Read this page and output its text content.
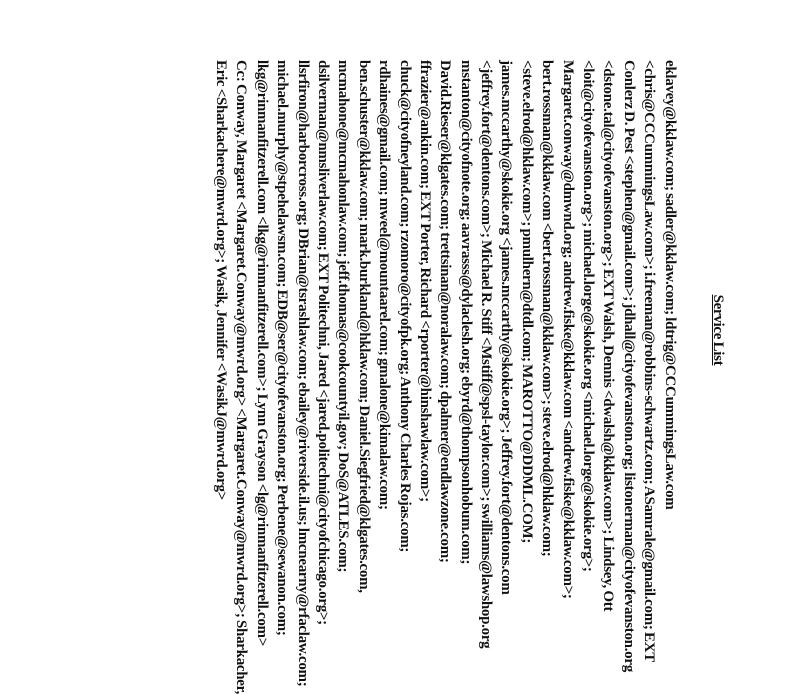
Service List
eklavey@kklaw.com; sadler@kklaw.com; ldtrig@CCCummingsLaw.com
<chris@CCCummingsLaw.com>; i.freeman@robbins-schwartz.com; ASamrale@gmail.com; EXT
Conlerz D. Pest <stephen@gmail.com>; jdhall@cityofevanston.org; listonerman@cityofevanston.org
<dstone.tal@cityofevanston.org>; EXT Walsh, Dennis <dwalsh@kklaw.com>; Lindsey, Ott
<loit@cityofevanston.org>; michael.lorge@skokie.org <michael.lorge@skokie.org>;
Margaret.conway@dmwnd.org; andrew.fiske@kklaw.com <andrew.fiske@kklaw.com>;
bert.rossman@kklaw.com <bert.rossman@kklaw.com>; steve.elrod@hklaw.com;
<steve.elrod@hklaw.com>; pmulhern@dtdl.com; MAROTTO@DDML.COM;
james.mccarthy@skokie.org <james.mccarthy@skokie.org>; Jeffrey.fort@dentons.com
<jeffrey.fort@dentons.com>; Michael R. Stiff <Mstiff@spsl-taylor.com>; swilliams@lawshop.org
mstanton@cityofnote.org; aavrasss@dylaclesh.org; ebyrd@thompsonhobum.com;
David.Rieser@klgates.com; trettsinan@noralaw.com; dpalmer@endlawzone.com;
ffrazier@ankin.com; EXT Porter, Richard <rporter@hinshawlaw.com>;
chuck@cityofneyland.com; rzomoro@cityofpk.org; Anthony Charles Rojas.com;
rdhaines@gmail.com; mweel@mountaarel.com; gmalone@kimalaw.com;
ben.schuster@kklaw.com; mark.burkland@hklaw.com; Daniel.Siegfried@klgates.com,
mcmahone@mcmahonlaw.com; jeff.thomas@cookcountyil.gov; DoS@ATLES.com;
dsilverman@nmsliverlaw.com; EXT Politechni, Jared <jared.politechni@cityofchicago.org>;
llsrfiron@harborcross.org; DBrian@tsrashlaw.com; ebailey@riverside.il.us; lmcnearny@rfaclaw.com;
michael.murphy@stpehelawsm.com; EDB@ser@cityofevanston.org; Perbene@sewanon.com;
lkg@rinmanfitzerell.com <lkg@rinmanfitzerell.com>; Lynn Grayson <lg@rinmanfitzerell.com>
Cc: Conway, Margaret <Margaret.Conway@mwrd.org> <Margaret.Conway@mwrd.org>; Sharkacher,
Eric <Sharkachere@mwrd.org>; Wasik, Jennifer <WasikJ@mwrd.org>
